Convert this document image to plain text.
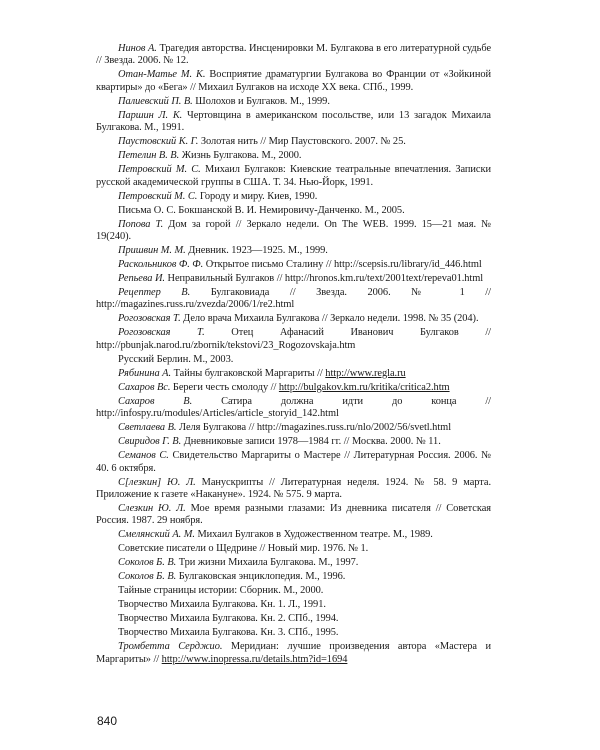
Нинов А. Трагедия авторства. Инсценировки М. Булгакова в его литературной судьбе // Звезда. 2006. № 12.

Отан-Матье М. К. Восприятие драматургии Булгакова во Франции от «Зойкиной квартиры» до «Бега» // Михаил Булгаков на исходе XX века. СПб., 1999.

Палиевский П. В. Шолохов и Булгаков. М., 1999.

Паршин Л. К. Чертовщина в американском посольстве, или 13 загадок Михаила Булгакова. М., 1991.

Паустовский К. Г. Золотая нить // Мир Паустовского. 2007. № 25.

Петелин В. В. Жизнь Булгакова. М., 2000.

Петровский М. С. Михаил Булгаков: Киевские театральные впечатления. Записки русской академической группы в США. Т. 34. Нью-Йорк, 1991.

Петровский М. С. Городу и миру. Киев, 1990.

Письма О. С. Бокшанской В. И. Немировичу-Данченко. М., 2005.

Попова Т. Дом за горой // Зеркало недели. On The WEB. 1999. 15—21 мая. № 19(240).

Пришвин М. М. Дневник. 1923—1925. М., 1999.

Раскольников Ф. Ф. Открытое письмо Сталину // http://scepsis.ru/library/id_446.html

Репьева И. Неправильный Булгаков // http://hronos.km.ru/text/2001text/repeva01.html

Рецептер В. Булгаковиада // Звезда. 2006. № 1 // http://magazines.russ.ru/zvezda/2006/1/re2.html

Рогозовская Т. Дело врача Михаила Булгакова // Зеркало недели. 1998. № 35 (204).

Рогозовская Т. Отец Афанасий Иванович Булгаков // http://pbunjak.narod.ru/zbornik/tekstovi/23_Rogozovskaja.htm

Русский Берлин. М., 2003.

Рябинина А. Тайны булгаковской Маргариты // http://www.regla.ru

Сахаров Вс. Береги честь смолоду // http://bulgakov.km.ru/kritika/critica2.htm

Сахаров В. Сатира должна идти до конца // http://infospy.ru/modules/Articles/article_storyid_142.html

Светлаева В. Леля Булгакова // http://magazines.russ.ru/nlo/2002/56/svetl.html

Свиридов Г. В. Дневниковые записи 1978—1984 гг. // Москва. 2000. № 11.

Семанов С. Свидетельство Маргариты о Мастере // Литературная Россия. 2006. № 40. 6 октября.

С[лезкин] Ю. Л. Манускрипты // Литературная неделя. 1924. № 58. 9 марта. Приложение к газете «Накануне». 1924. № 575. 9 марта.

Слезкин Ю. Л. Мое время разными глазами: Из дневника писателя // Советская Россия. 1987. 29 ноября.

Смелянский А. М. Михаил Булгаков в Художественном театре. М., 1989.

Советские писатели о Щедрине // Новый мир. 1976. № 1.

Соколов Б. В. Три жизни Михаила Булгакова. М., 1997.

Соколов Б. В. Булгаковская энциклопедия. М., 1996.

Тайные страницы истории: Сборник. М., 2000.

Творчество Михаила Булгакова. Кн. 1. Л., 1991.

Творчество Михаила Булгакова. Кн. 2. СПб., 1994.

Творчество Михаила Булгакова. Кн. 3. СПб., 1995.

Тромбетта Серджио. Меридиан: лучшие произведения автора «Мастера и Маргариты» // http://www.inopressa.ru/details.htm?id=1694

840
